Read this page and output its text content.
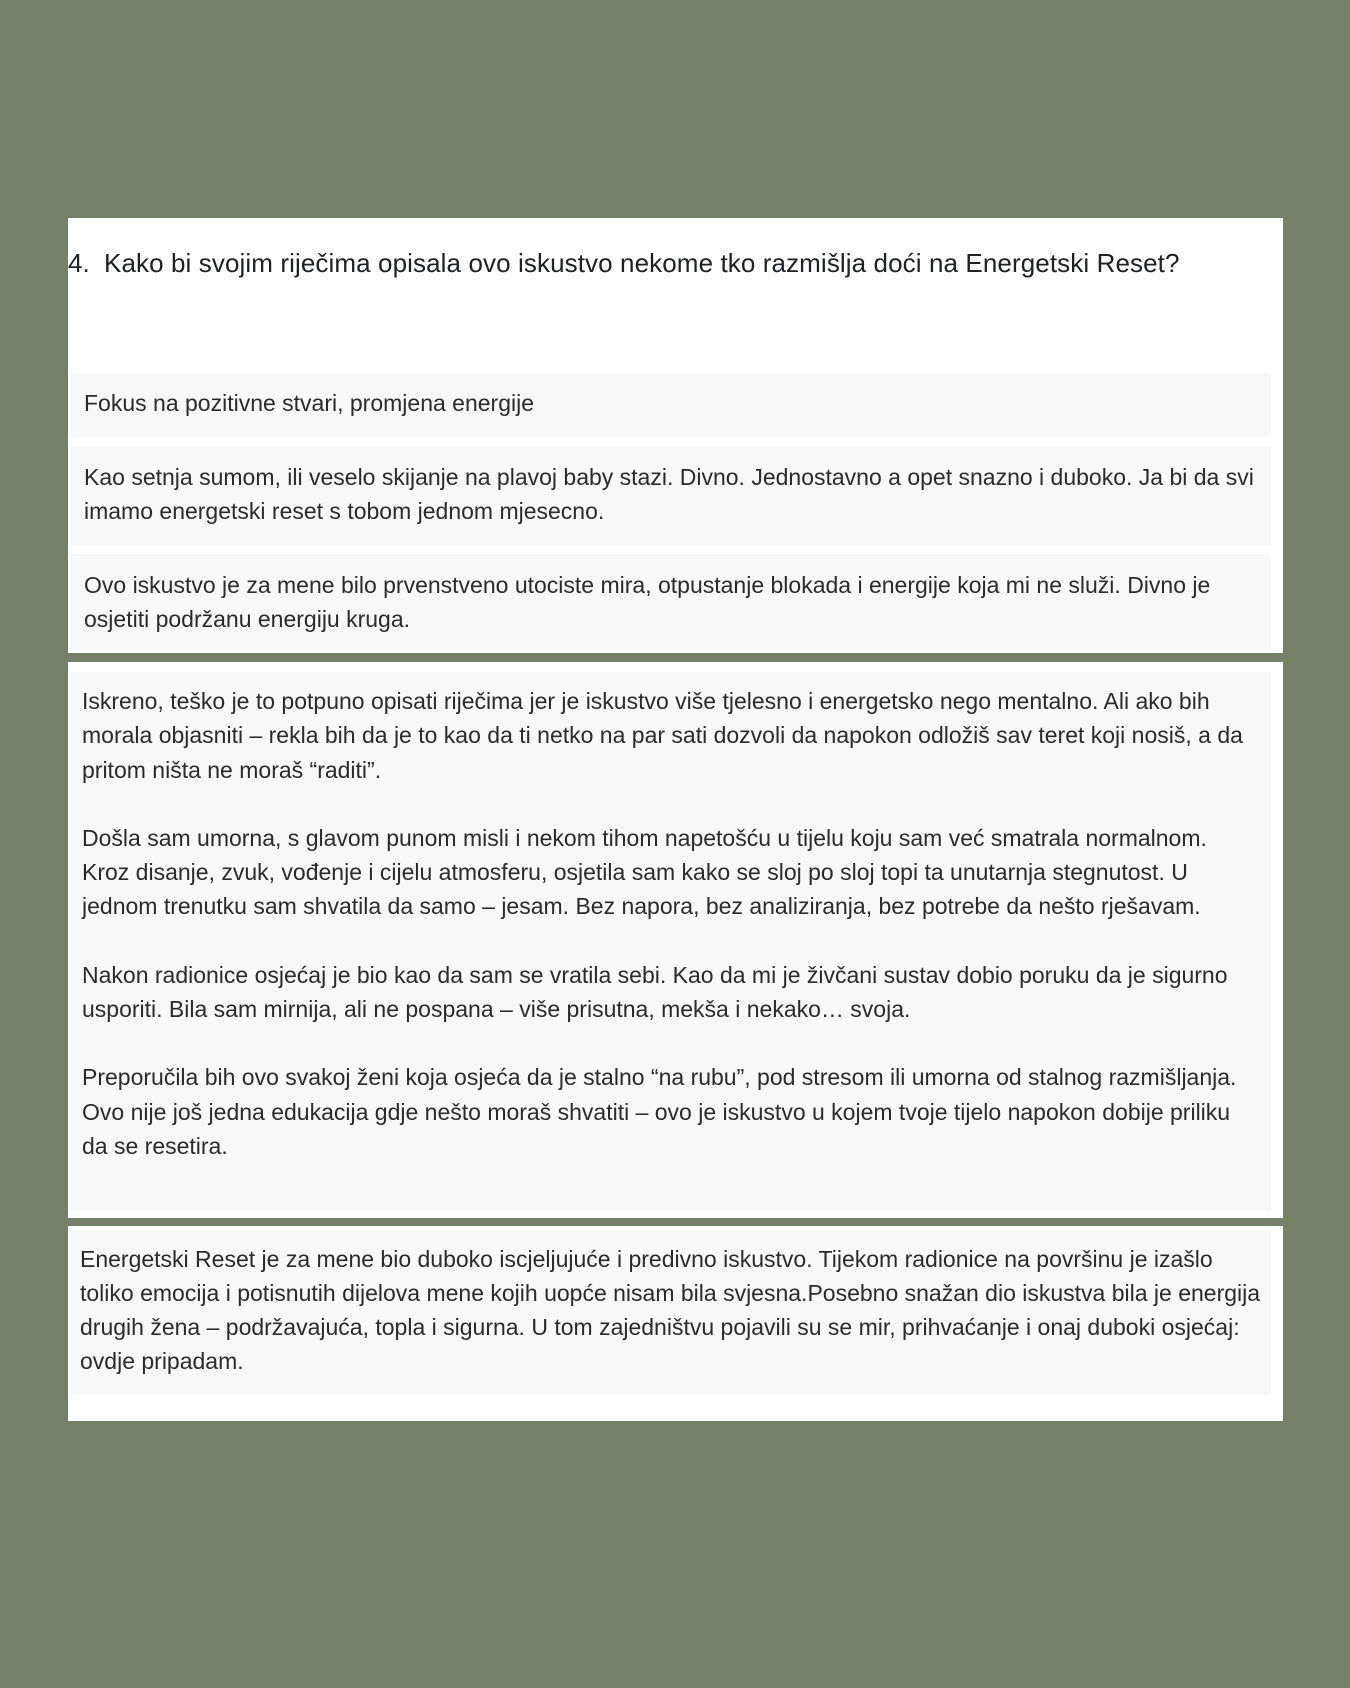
4. Kako bi svojim riječima opisala ovo iskustvo nekome tko razmišlja doći na Energetski Reset?

Fokus na pozitivne stvari, promjena energije

Kao setnja sumom, ili veselo skijanje na plavoj baby stazi. Divno. Jednostavno a opet snazno i duboko. Ja bi da svi imamo energetski reset s tobom jednom mjesecno.

Ovo iskustvo je za mene bilo prvenstveno utociste mira, otpustanje blokada i energije koja mi ne služi. Divno je osjetiti podržanu energiju kruga.

Iskreno, teško je to potpuno opisati riječima jer je iskustvo više tjelesno i energetsko nego mentalno. Ali ako bih morala objasniti – rekla bih da je to kao da ti netko na par sati dozvoli da napokon odložiš sav teret koji nosiš, a da pritom ništa ne moraš “raditi”.

Došla sam umorna, s glavom punom misli i nekom tihom napetošću u tijelu koju sam već smatrala normalnom. Kroz disanje, zvuk, vođenje i cijelu atmosferu, osjetila sam kako se sloj po sloj topi ta unutarnja stegnutost. U jednom trenutku sam shvatila da samo – jesam. Bez napora, bez analiziranja, bez potrebe da nešto rješavam.

Nakon radionice osjećaj je bio kao da sam se vratila sebi. Kao da mi je živčani sustav dobio poruku da je sigurno usporiti. Bila sam mirnija, ali ne pospana – više prisutna, mekša i nekako… svoja.

Preporučila bih ovo svakoj ženi koja osjeća da je stalno “na rubu”, pod stresom ili umorna od stalnog razmišljanja. Ovo nije još jedna edukacija gdje nešto moraš shvatiti – ovo je iskustvo u kojem tvoje tijelo napokon dobije priliku da se resetira.

Energetski Reset je za mene bio duboko iscjeljujuće i predivno iskustvo. Tijekom radionice na površinu je izašlo toliko emocija i potisnutih dijelova mene kojih uopće nisam bila svjesna.Posebno snažan dio iskustva bila je energija drugih žena – podržavajuća, topla i sigurna. U tom zajedništvu pojavili su se mir, prihvaćanje i onaj duboki osjećaj: ovdje pripadam.
